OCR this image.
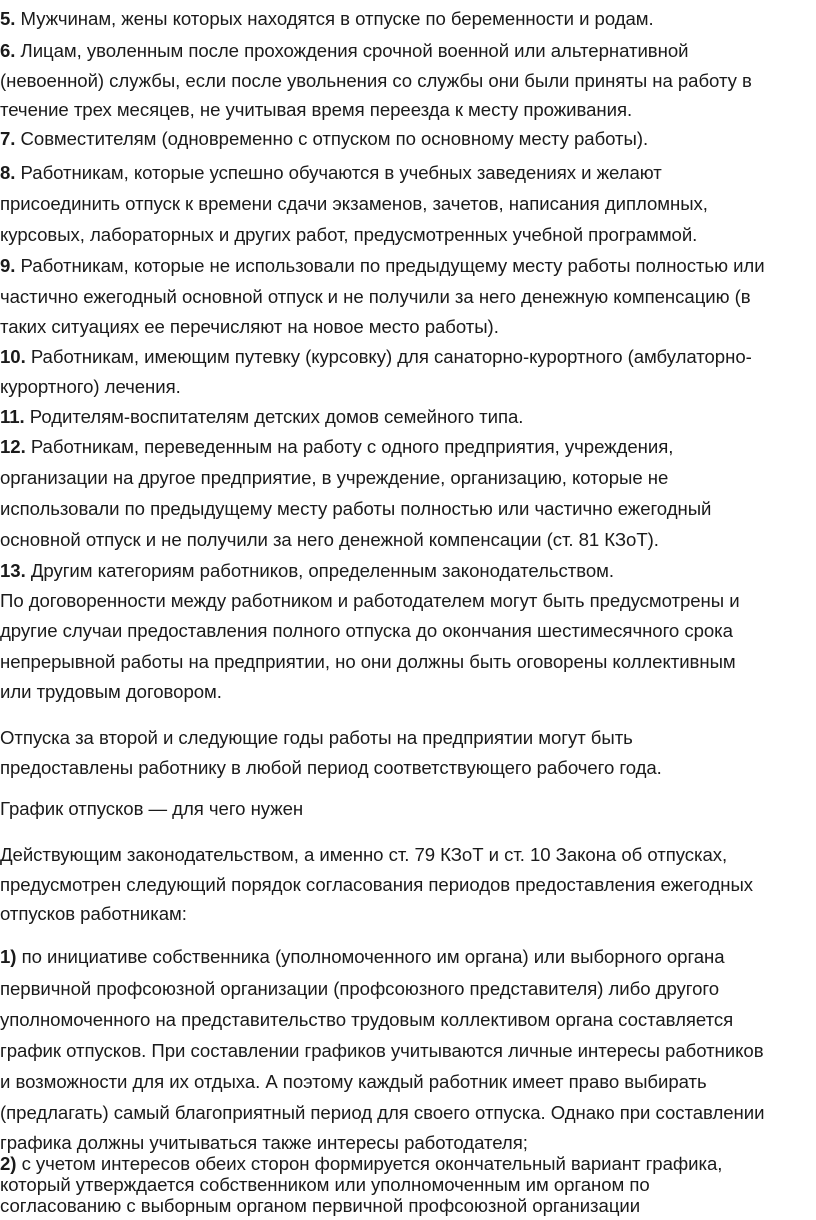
5. Мужчинам, жены которых находятся в отпуске по беременности и родам.
6. Лицам, уволенным после прохождения срочной военной или альтернативной
(невоенной) службы, если после увольнения со службы они были приняты на работу в
течение трех месяцев, не учитывая время переезда к месту проживания.
7. Совместителям (одновременно с отпуском по основному месту работы).
8. Работникам, которые успешно обучаются в учебных заведениях и желают
присоединить отпуск к времени сдачи экзаменов, зачетов, написания дипломных,
курсовых, лабораторных и других работ, предусмотренных учебной программой.
9. Работникам, которые не использовали по предыдущему месту работы полностью или
частично ежегодный основной отпуск и не получили за него денежную компенсацию (в
таких ситуациях ее перечисляют на новое место работы).
10. Работникам, имеющим путевку (курсовку) для санаторно-курортного (амбулаторно-
курортного) лечения.
11. Родителям-воспитателям детских домов семейного типа.
12. Работникам, переведенным на работу с одного предприятия, учреждения,
организации на другое предприятие, в учреждение, организацию, которые не
использовали по предыдущему месту работы полностью или частично ежегодный
основной отпуск и не получили за него денежной компенсации (ст. 81 КЗоТ).
13. Другим категориям работников, определенным законодательством.
По договоренности между работником и работодателем могут быть предусмотрены и
другие случаи предоставления полного отпуска до окончания шестимесячного срока
непрерывной работы на предприятии, но они должны быть оговорены коллективным
или трудовым договором.
Отпуска за второй и следующие годы работы на предприятии могут быть
предоставлены работнику в любой период соответствующего рабочего года.
График отпусков — для чего нужен
Действующим законодательством, а именно ст. 79 КЗоТ и ст. 10 Закона об отпусках,
предусмотрен следующий порядок согласования периодов предоставления ежегодных
отпусков работникам:
1) по инициативе собственника (уполномоченного им органа) или выборного органа
первичной профсоюзной организации (профсоюзного представителя) либо другого
уполномоченного на представительство трудовым коллективом органа составляется
график отпусков. При составлении графиков учитываются личные интересы работников
и возможности для их отдыха. А поэтому каждый работник имеет право выбирать
(предлагать) самый благоприятный период для своего отпуска. Однако при составлении
графика должны учитываться также интересы работодателя;
2) с учетом интересов обеих сторон формируется окончательный вариант графика,
который утверждается собственником или уполномоченным им органом по
согласованию с выборным органом первичной профсоюзной организации
